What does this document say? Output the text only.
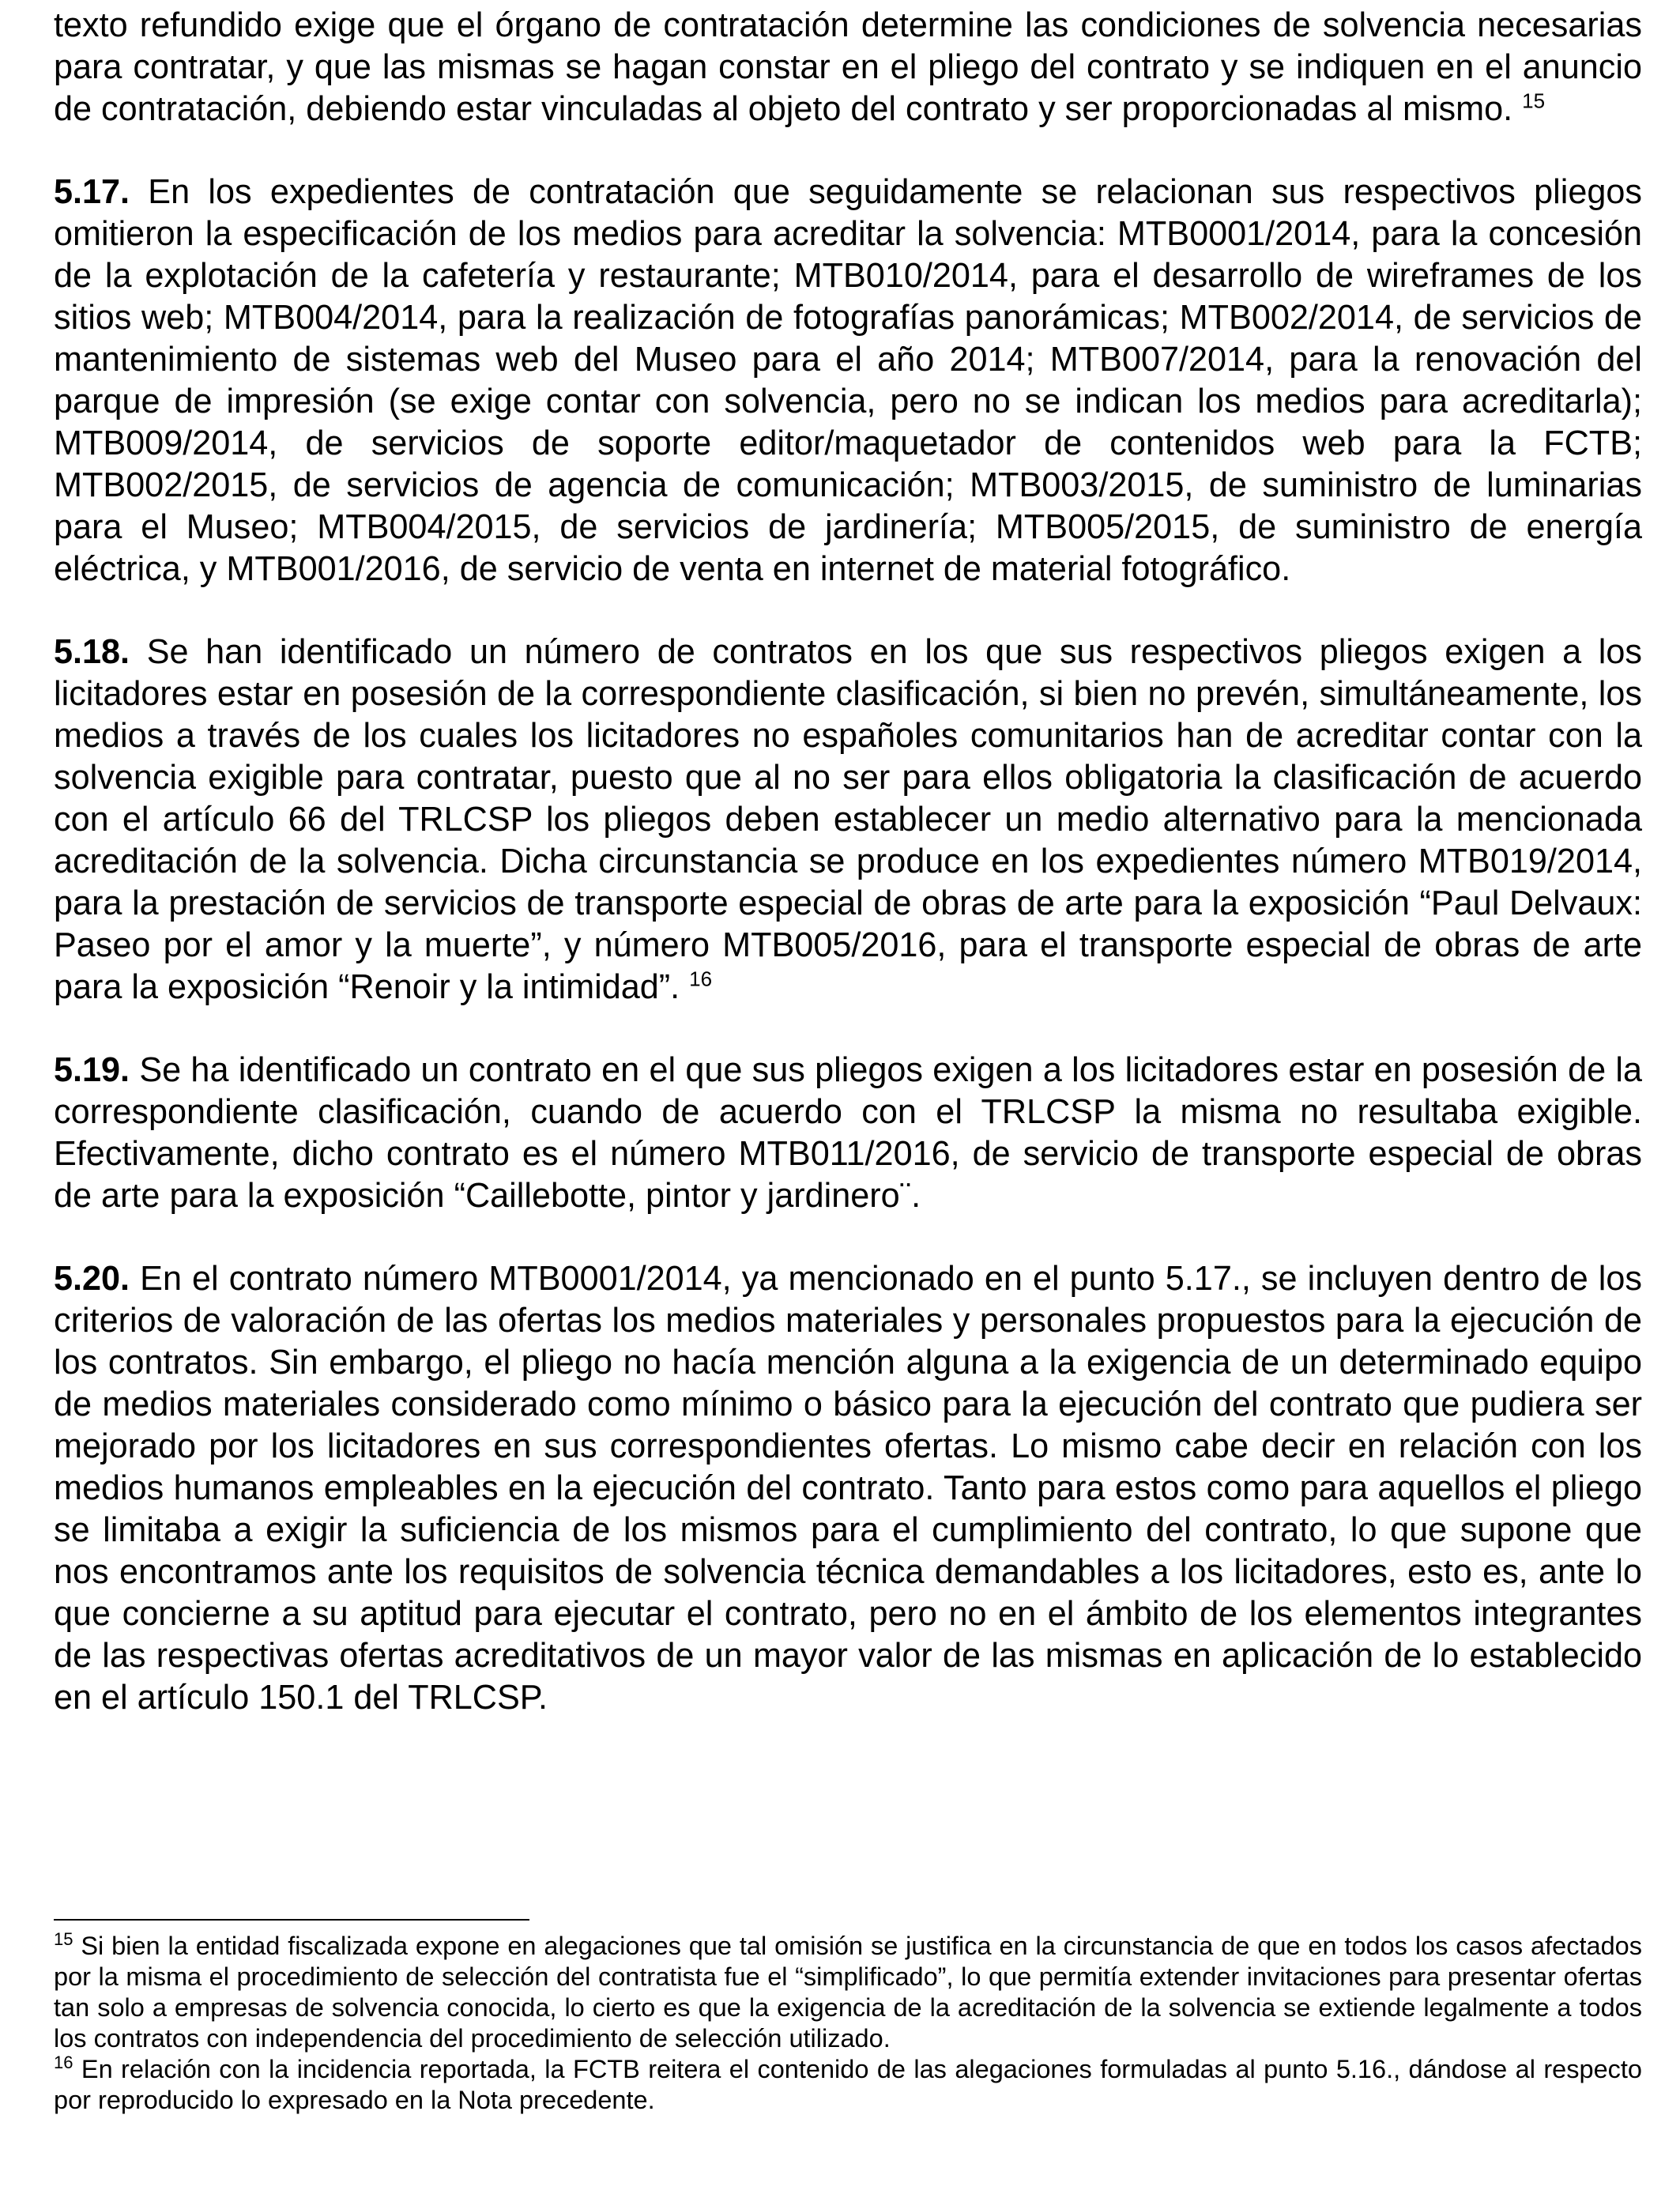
texto refundido exige que el órgano de contratación determine las condiciones de solvencia necesarias para contratar, y que las mismas se hagan constar en el pliego del contrato y se indiquen en el anuncio de contratación, debiendo estar vinculadas al objeto del contrato y ser proporcionadas al mismo. $^{15}$

5.17. En los expedientes de contratación que seguidamente se relacionan sus respectivos pliegos omitieron la especificación de los medios para acreditar la solvencia: MTB0001/2014, para la concesión de la explotación de la cafetería y restaurante; MTB010/2014, para el desarrollo de wireframes de los sitios web; MTB004/2014, para la realización de fotografías panorámicas; MTB002/2014, de servicios de mantenimiento de sistemas web del Museo para el año 2014; MTB007/2014, para la renovación del parque de impresión (se exige contar con solvencia, pero no se indican los medios para acreditarla); MTB009/2014, de servicios de soporte editor/maquetador de contenidos web para la FCTB; MTB002/2015, de servicios de agencia de comunicación; MTB003/2015, de suministro de luminarias para el Museo; MTB004/2015, de servicios de jardinería; MTB005/2015, de suministro de energía eléctrica, y MTB001/2016, de servicio de venta en internet de material fotográfico.

5.18. Se han identificado un número de contratos en los que sus respectivos pliegos exigen a los licitadores estar en posesión de la correspondiente clasificación, si bien no prevén, simultáneamente, los medios a través de los cuales los licitadores no españoles comunitarios han de acreditar contar con la solvencia exigible para contratar, puesto que al no ser para ellos obligatoria la clasificación de acuerdo con el artículo 66 del TRLCSP los pliegos deben establecer un medio alternativo para la mencionada acreditación de la solvencia. Dicha circunstancia se produce en los expedientes número MTB019/2014, para la prestación de servicios de transporte especial de obras de arte para la exposición “Paul Delvaux: Paseo por el amor y la muerte”, y número MTB005/2016, para el transporte especial de obras de arte para la exposición “Renoir y la intimidad”. $^{16}$

5.19. Se ha identificado un contrato en el que sus pliegos exigen a los licitadores estar en posesión de la correspondiente clasificación, cuando de acuerdo con el TRLCSP la misma no resultaba exigible. Efectivamente, dicho contrato es el número MTB011/2016, de servicio de transporte especial de obras de arte para la exposición “Caillebotte, pintor y jardinero¨.

5.20. En el contrato número MTB0001/2014, ya mencionado en el punto 5.17., se incluyen dentro de los criterios de valoración de las ofertas los medios materiales y personales propuestos para la ejecución de los contratos. Sin embargo, el pliego no hacía mención alguna a la exigencia de un determinado equipo de medios materiales considerado como mínimo o básico para la ejecución del contrato que pudiera ser mejorado por los licitadores en sus correspondientes ofertas. Lo mismo cabe decir en relación con los medios humanos empleables en la ejecución del contrato. Tanto para estos como para aquellos el pliego se limitaba a exigir la suficiencia de los mismos para el cumplimiento del contrato, lo que supone que nos encontramos ante los requisitos de solvencia técnica demandables a los licitadores, esto es, ante lo que concierne a su aptitud para ejecutar el contrato, pero no en el ámbito de los elementos integrantes de las respectivas ofertas acreditativos de un mayor valor de las mismas en aplicación de lo establecido en el artículo 150.1 del TRLCSP.

$^{15}$ Si bien la entidad fiscalizada expone en alegaciones que tal omisión se justifica en la circunstancia de que en todos los casos afectados por la misma el procedimiento de selección del contratista fue el “simplificado”, lo que permitía extender invitaciones para presentar ofertas tan solo a empresas de solvencia conocida, lo cierto es que la exigencia de la acreditación de la solvencia se extiende legalmente a todos los contratos con independencia del procedimiento de selección utilizado.

$^{16}$ En relación con la incidencia reportada, la FCTB reitera el contenido de las alegaciones formuladas al punto 5.16., dándose al respecto por reproducido lo expresado en la Nota precedente.
